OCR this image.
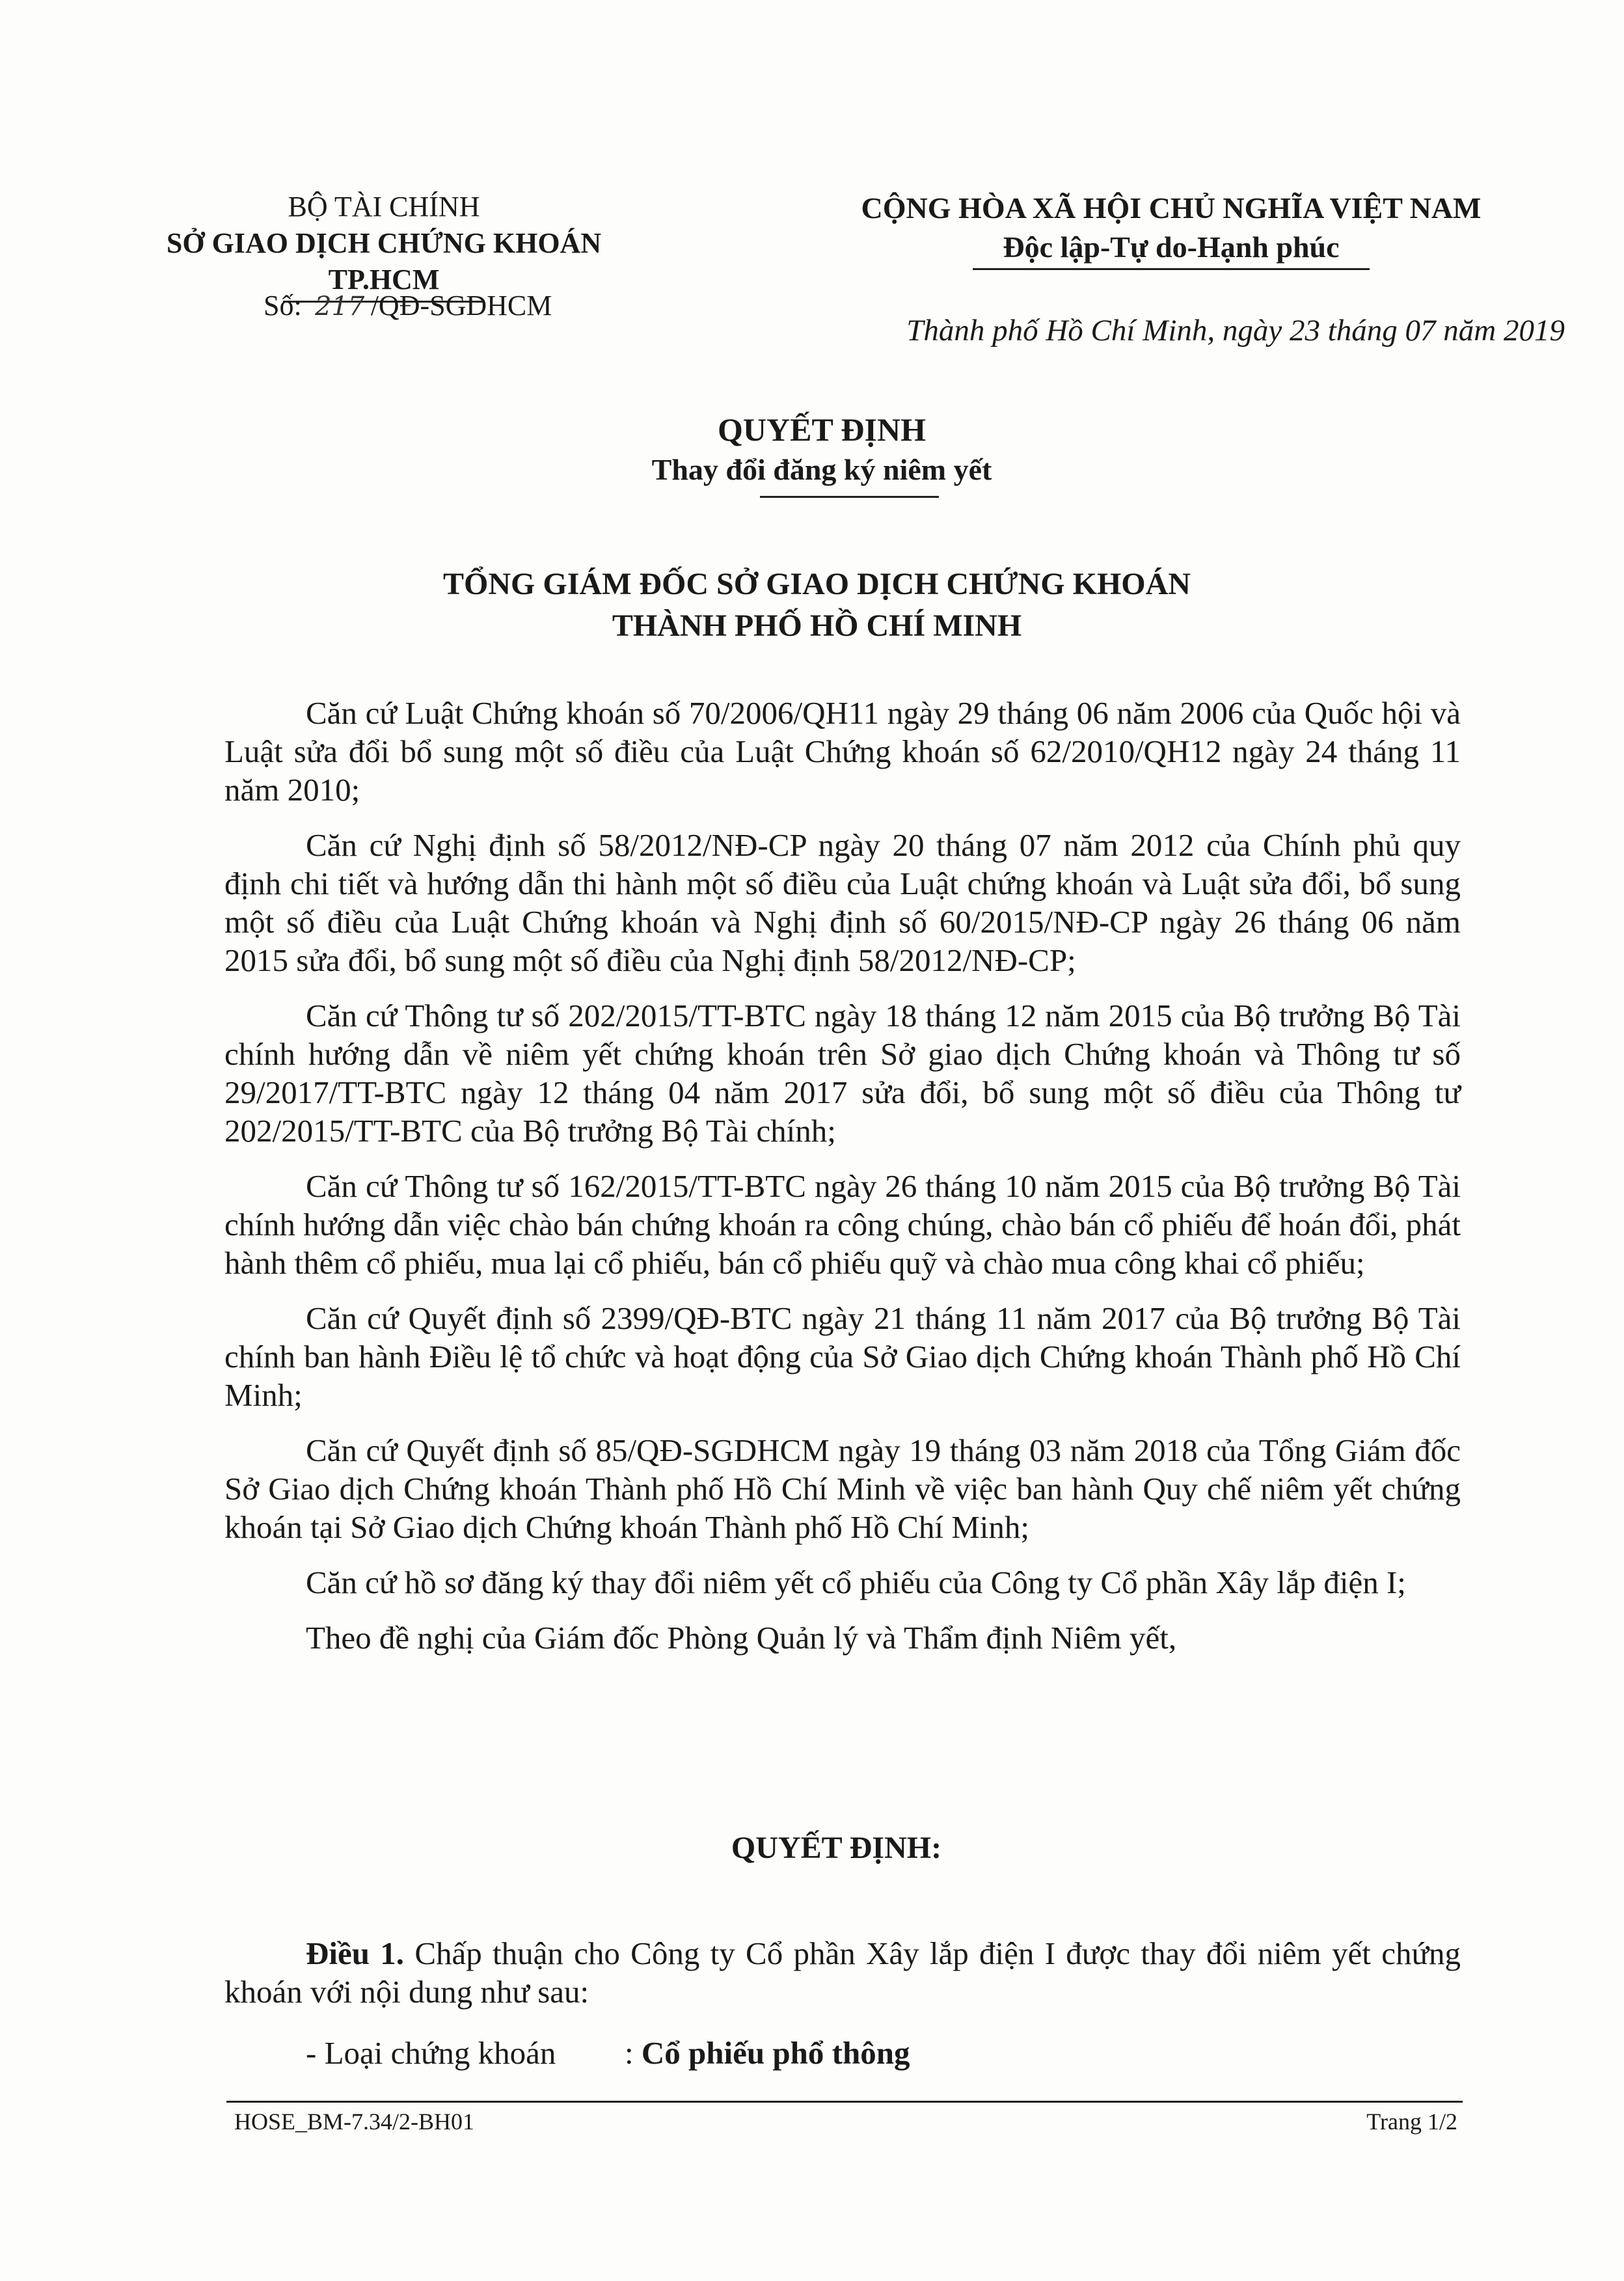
BỘ TÀI CHÍNH
SỞ GIAO DỊCH CHỨNG KHOÁN TP.HCM
Số: 217 /QĐ-SGDHCM
CỘNG HÒA XÃ HỘI CHỦ NGHĨA VIỆT NAM
Độc lập-Tự do-Hạnh phúc
Thành phố Hồ Chí Minh, ngày 23 tháng 07 năm 2019
QUYẾT ĐỊNH
Thay đổi đăng ký niêm yết
TỔNG GIÁM ĐỐC SỞ GIAO DỊCH CHỨNG KHOÁN
THÀNH PHỐ HỒ CHÍ MINH

Căn cứ Luật Chứng khoán số 70/2006/QH11 ngày 29 tháng 06 năm 2006 của Quốc hội và Luật sửa đổi bổ sung một số điều của Luật Chứng khoán số 62/2010/QH12 ngày 24 tháng 11 năm 2010;

Căn cứ Nghị định số 58/2012/NĐ-CP ngày 20 tháng 07 năm 2012 của Chính phủ quy định chi tiết và hướng dẫn thi hành một số điều của Luật chứng khoán và Luật sửa đổi, bổ sung một số điều của Luật Chứng khoán và Nghị định số 60/2015/NĐ-CP ngày 26 tháng 06 năm 2015 sửa đổi, bổ sung một số điều của Nghị định 58/2012/NĐ-CP;

Căn cứ Thông tư số 202/2015/TT-BTC ngày 18 tháng 12 năm 2015 của Bộ trưởng Bộ Tài chính hướng dẫn về niêm yết chứng khoán trên Sở giao dịch Chứng khoán và Thông tư số 29/2017/TT-BTC ngày 12 tháng 04 năm 2017 sửa đổi, bổ sung một số điều của Thông tư 202/2015/TT-BTC của Bộ trưởng Bộ Tài chính;

Căn cứ Thông tư số 162/2015/TT-BTC ngày 26 tháng 10 năm 2015 của Bộ trưởng Bộ Tài chính hướng dẫn việc chào bán chứng khoán ra công chúng, chào bán cổ phiếu để hoán đổi, phát hành thêm cổ phiếu, mua lại cổ phiếu, bán cổ phiếu quỹ và chào mua công khai cổ phiếu;

Căn cứ Quyết định số 2399/QĐ-BTC ngày 21 tháng 11 năm 2017 của Bộ trưởng Bộ Tài chính ban hành Điều lệ tổ chức và hoạt động của Sở Giao dịch Chứng khoán Thành phố Hồ Chí Minh;

Căn cứ Quyết định số 85/QĐ-SGDHCM ngày 19 tháng 03 năm 2018 của Tổng Giám đốc Sở Giao dịch Chứng khoán Thành phố Hồ Chí Minh về việc ban hành Quy chế niêm yết chứng khoán tại Sở Giao dịch Chứng khoán Thành phố Hồ Chí Minh;

Căn cứ hồ sơ đăng ký thay đổi niêm yết cổ phiếu của Công ty Cổ phần Xây lắp điện I;

Theo đề nghị của Giám đốc Phòng Quản lý và Thẩm định Niêm yết,

QUYẾT ĐỊNH:
Điều 1. Chấp thuận cho Công ty Cổ phần Xây lắp điện I được thay đổi niêm yết chứng khoán với nội dung như sau:
- Loại chứng khoán : Cổ phiếu phổ thông
HOSE_BM-7.34/2-BH01	Trang 1/2
